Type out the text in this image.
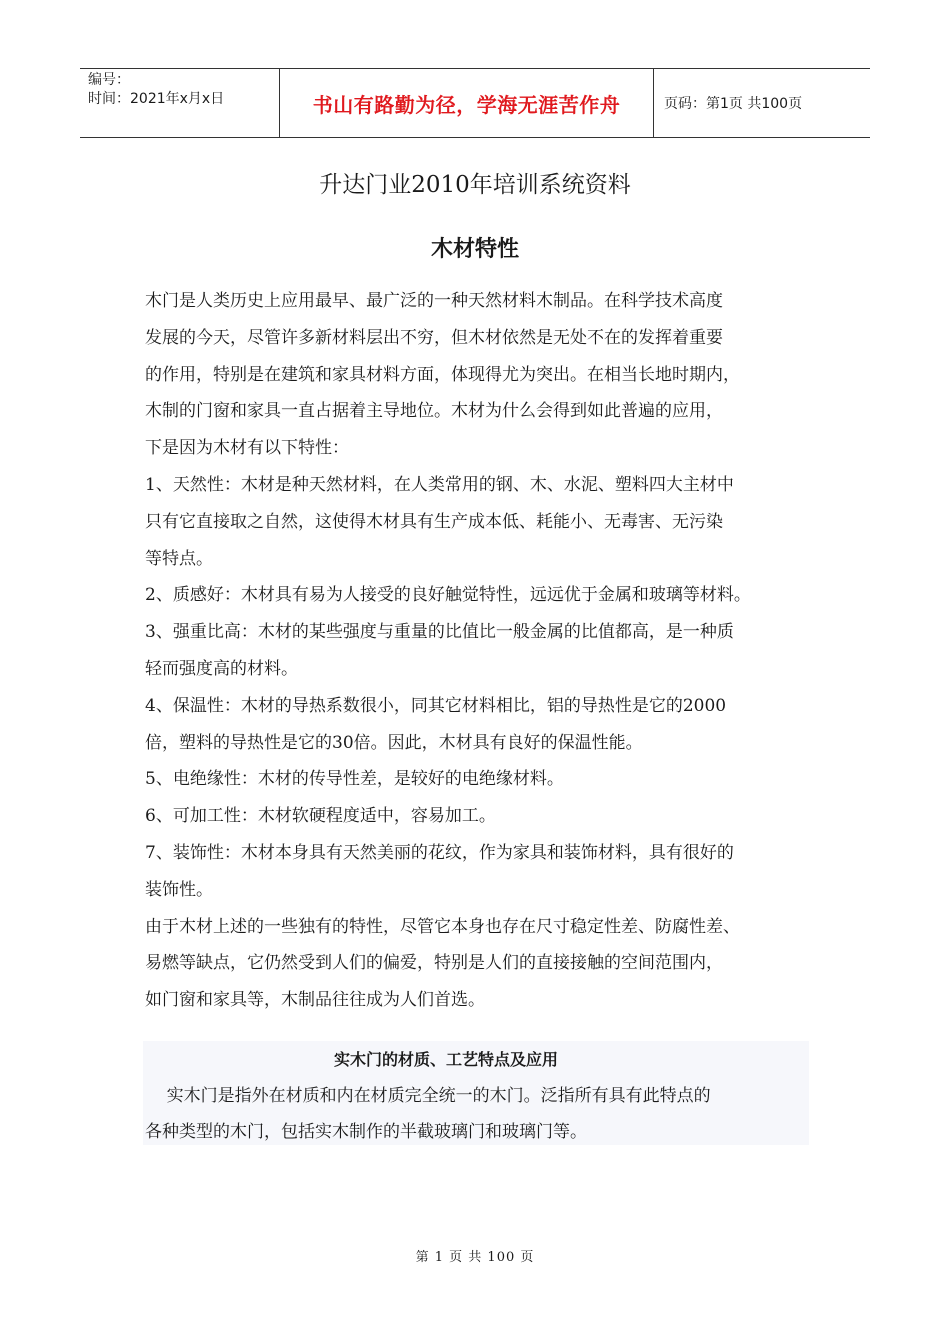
编号：
时间：2021年x月x日	书山有路勤为径，学海无涯苦作舟	页码：第1页 共100页
升达门业2010年培训系统资料
木材特性

木门是人类历史上应用最早、最广泛的一种天然材料木制品。在科学技术高度

发展的今天，尽管许多新材料层出不穷，但木材依然是无处不在的发挥着重要

的作用，特别是在建筑和家具材料方面，体现得尤为突出。在相当长地时期内，

木制的门窗和家具一直占据着主导地位。木材为什么会得到如此普遍的应用，

下是因为木材有以下特性：

1、天然性：木材是种天然材料，在人类常用的钢、木、水泥、塑料四大主材中

只有它直接取之自然，这使得木材具有生产成本低、耗能小、无毒害、无污染

等特点。

2、质感好：木材具有易为人接受的良好触觉特性，远远优于金属和玻璃等材料。

3、强重比高：木材的某些强度与重量的比值比一般金属的比值都高，是一种质

轻而强度高的材料。

4、保温性：木材的导热系数很小，同其它材料相比，铝的导热性是它的2000

倍，塑料的导热性是它的30倍。因此，木材具有良好的保温性能。

5、电绝缘性：木材的传导性差，是较好的电绝缘材料。

6、可加工性：木材软硬程度适中，容易加工。

7、装饰性：木材本身具有天然美丽的花纹，作为家具和装饰材料，具有很好的

装饰性。

由于木材上述的一些独有的特性，尽管它本身也存在尺寸稳定性差、防腐性差、

易燃等缺点，它仍然受到人们的偏爱，特别是人们的直接接触的空间范围内，

如门窗和家具等，木制品往往成为人们首选。

实木门的材质、工艺特点及应用

实木门是指外在材质和内在材质完全统一的木门。泛指所有具有此特点的

各种类型的木门，包括实木制作的半截玻璃门和玻璃门等。

第 1 页 共 100 页
